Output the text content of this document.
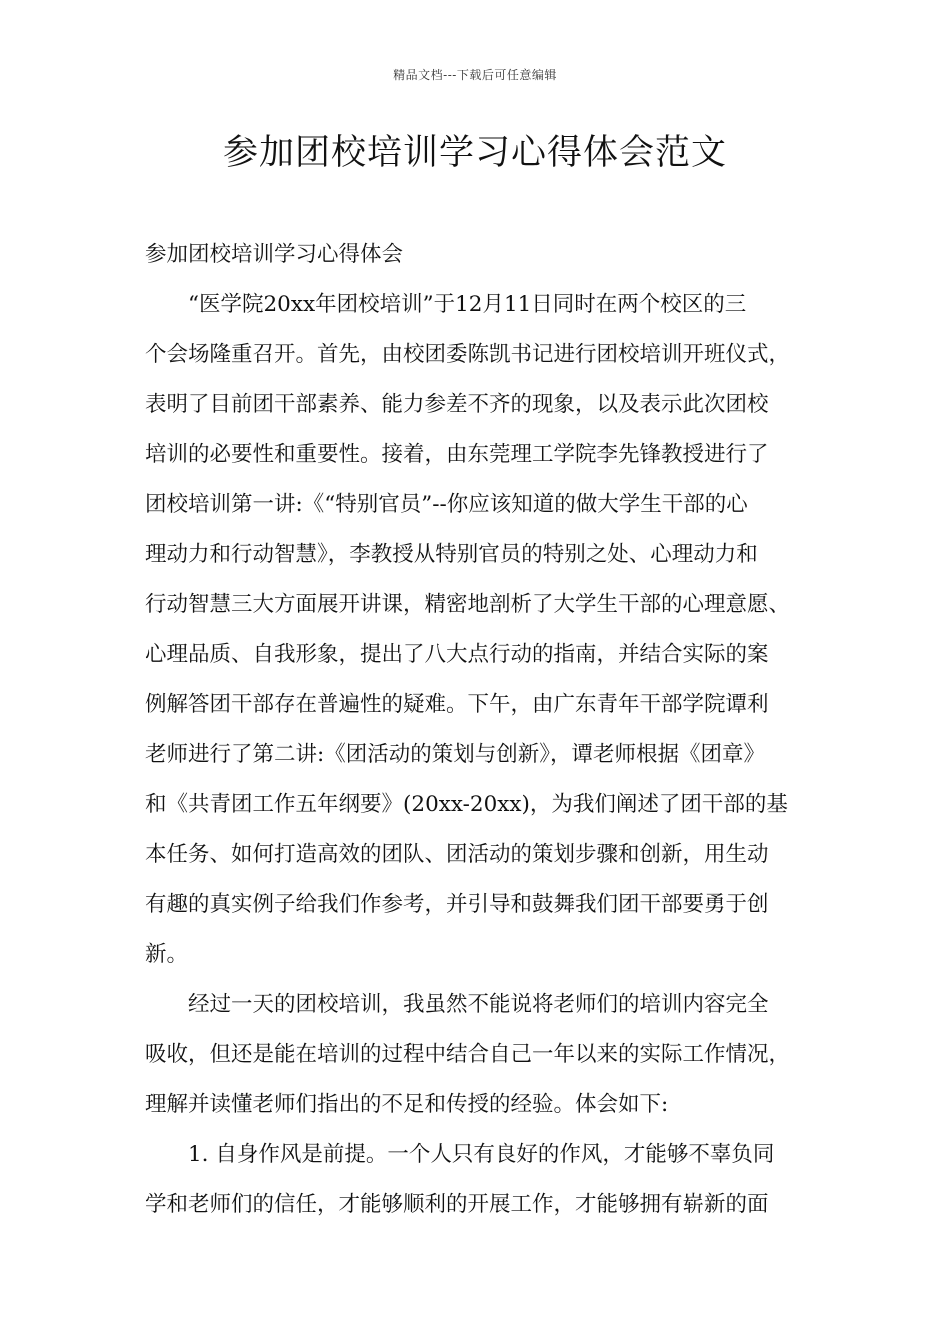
精品文档---下载后可任意编辑
参加团校培训学习心得体会范文
参加团校培训学习心得体会
“医学院20xx年团校培训”于12月11日同时在两个校区的三
个会场隆重召开。首先，由校团委陈凯书记进行团校培训开班仪式，
表明了目前团干部素养、能力参差不齐的现象，以及表示此次团校
培训的必要性和重要性。接着，由东莞理工学院李先锋教授进行了
团校培训第一讲:《“特别官员”--你应该知道的做大学生干部的心
理动力和行动智慧》，李教授从特别官员的特别之处、心理动力和
行动智慧三大方面展开讲课，精密地剖析了大学生干部的心理意愿、
心理品质、自我形象，提出了八大点行动的指南，并结合实际的案
例解答团干部存在普遍性的疑难。下午，由广东青年干部学院谭利
老师进行了第二讲:《团活动的策划与创新》，谭老师根据《团章》
和《共青团工作五年纲要》(20xx-20xx)，为我们阐述了团干部的基
本任务、如何打造高效的团队、团活动的策划步骤和创新，用生动
有趣的真实例子给我们作参考，并引导和鼓舞我们团干部要勇于创
新。
经过一天的团校培训，我虽然不能说将老师们的培训内容完全
吸收，但还是能在培训的过程中结合自己一年以来的实际工作情况，
理解并读懂老师们指出的不足和传授的经验。体会如下:
1. 自身作风是前提。一个人只有良好的作风，才能够不辜负同
学和老师们的信任，才能够顺利的开展工作，才能够拥有崭新的面
